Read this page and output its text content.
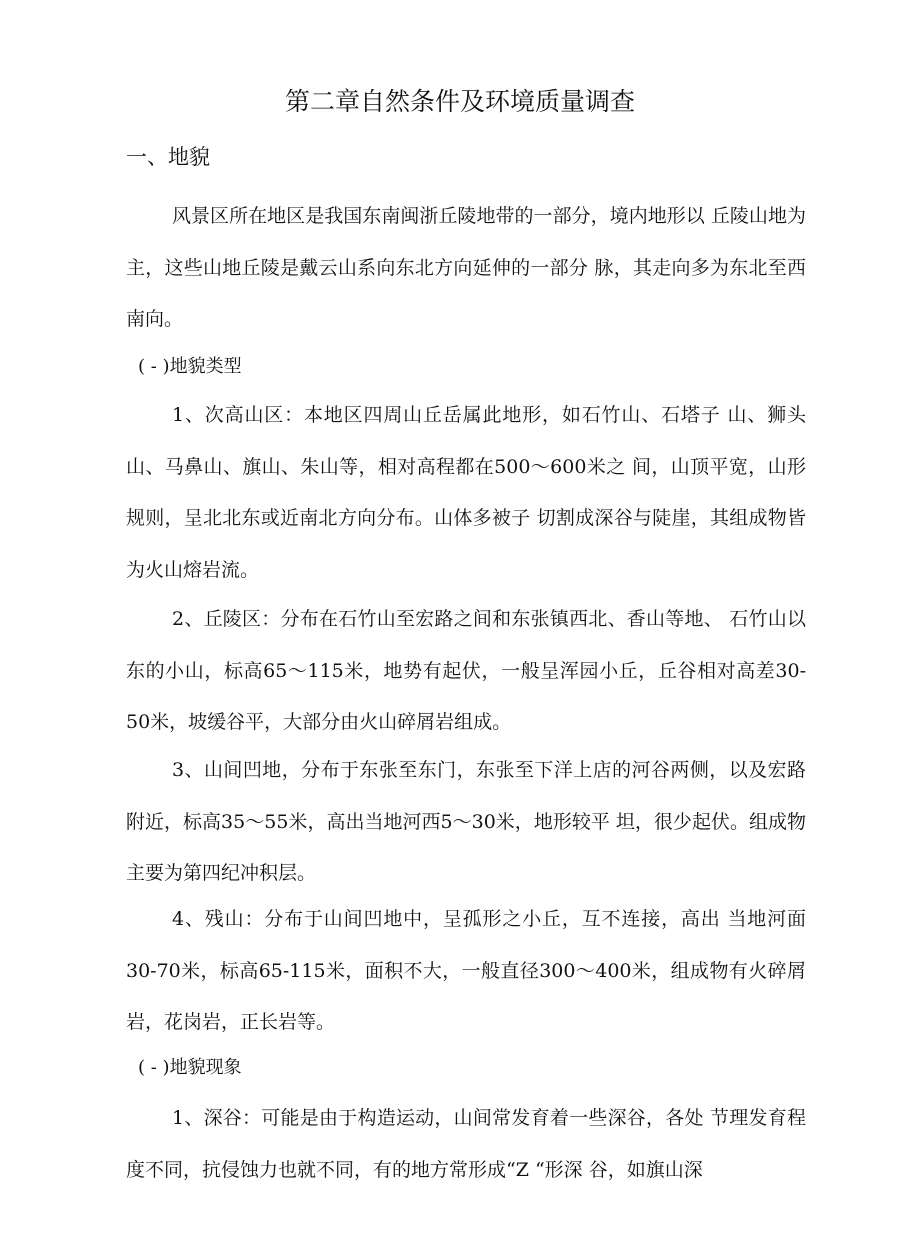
第二章自然条件及环境质量调查
一、地貌

风景区所在地区是我国东南闽浙丘陵地带的一部分，境内地形以 丘陵山地为主，这些山地丘陵是戴云山系向东北方向延伸的一部分 脉，其走向多为东北至西南向。

( - )地貌类型

1、次高山区：本地区四周山丘岳属此地形，如石竹山、石塔子 山、狮头山、马鼻山、旗山、朱山等，相对高程都在500～600米之 间，山顶平宽，山形规则，呈北北东或近南北方向分布。山体多被子 切割成深谷与陡崖，其组成物皆为火山熔岩流。

2、丘陵区：分布在石竹山至宏路之间和东张镇西北、香山等地、 石竹山以东的小山，标高65～115米，地势有起伏，一般呈浑园小丘，丘谷相对高差30-50米，坡缓谷平，大部分由火山碎屑岩组成。

3、山间凹地，分布于东张至东门，东张至下洋上店的河谷两侧，以及宏路附近，标高35～55米，高出当地河西5～30米，地形较平 坦，很少起伏。组成物主要为第四纪冲积层。

4、残山：分布于山间凹地中，呈孤形之小丘，互不连接，高出 当地河面30-70米，标高65-115米，面积不大，一般直径300～400米，组成物有火碎屑岩，花岗岩，正长岩等。

( - )地貌现象

1、深谷：可能是由于构造运动，山间常发育着一些深谷，各处 节理发育程度不同，抗侵蚀力也就不同，有的地方常形成“Z “形深 谷，如旗山深
